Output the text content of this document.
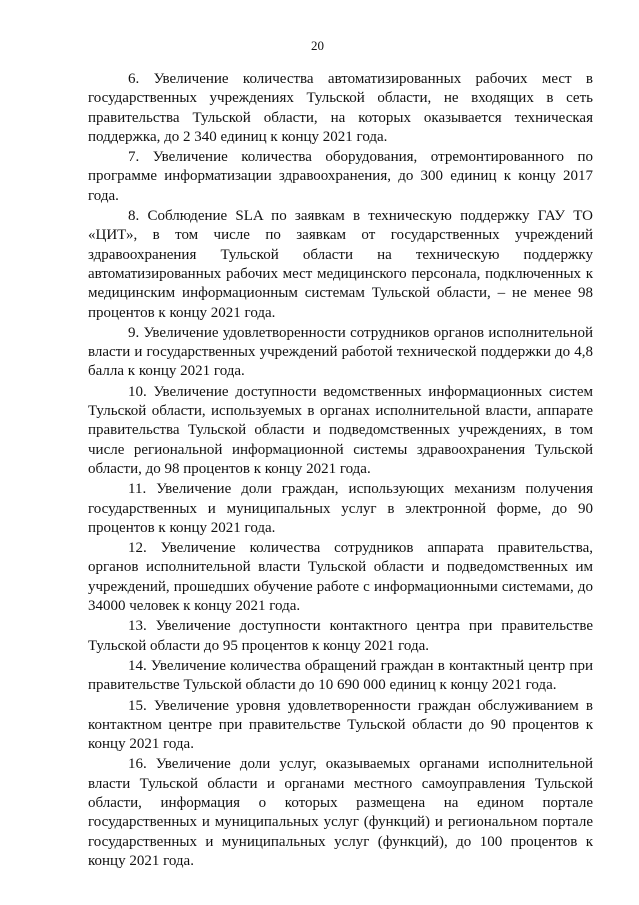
20

6. Увеличение количества автоматизированных рабочих мест в государственных учреждениях Тульской области, не входящих в сеть правительства Тульской области, на которых оказывается техническая поддержка, до 2 340 единиц к концу 2021 года.

7. Увеличение количества оборудования, отремонтированного по программе информатизации здравоохранения, до 300 единиц к концу 2017 года.

8. Соблюдение SLA по заявкам в техническую поддержку ГАУ ТО «ЦИТ», в том числе по заявкам от государственных учреждений здравоохранения Тульской области на техническую поддержку автоматизированных рабочих мест медицинского персонала, подключенных к медицинским информационным системам Тульской области, – не менее 98 процентов к концу 2021 года.

9. Увеличение удовлетворенности сотрудников органов исполнительной власти и государственных учреждений работой технической поддержки до 4,8 балла к концу 2021 года.

10. Увеличение доступности ведомственных информационных систем Тульской области, используемых в органах исполнительной власти, аппарате правительства Тульской области и подведомственных учреждениях, в том числе региональной информационной системы здравоохранения Тульской области, до 98 процентов к концу 2021 года.

11. Увеличение доли граждан, использующих механизм получения государственных и муниципальных услуг в электронной форме, до 90 процентов к концу 2021 года.

12. Увеличение количества сотрудников аппарата правительства, органов исполнительной власти Тульской области и подведомственных им учреждений, прошедших обучение работе с информационными системами, до 34000 человек к концу 2021 года.

13. Увеличение доступности контактного центра при правительстве Тульской области до 95 процентов к концу 2021 года.

14. Увеличение количества обращений граждан в контактный центр при правительстве Тульской области до 10 690 000 единиц к концу 2021 года.

15. Увеличение уровня удовлетворенности граждан обслуживанием в контактном центре при правительстве Тульской области до 90 процентов к концу 2021 года.

16. Увеличение доли услуг, оказываемых органами исполнительной власти Тульской области и органами местного самоуправления Тульской области, информация о которых размещена на едином портале государственных и муниципальных услуг (функций) и региональном портале государственных и муниципальных услуг (функций), до 100 процентов к концу 2021 года.
